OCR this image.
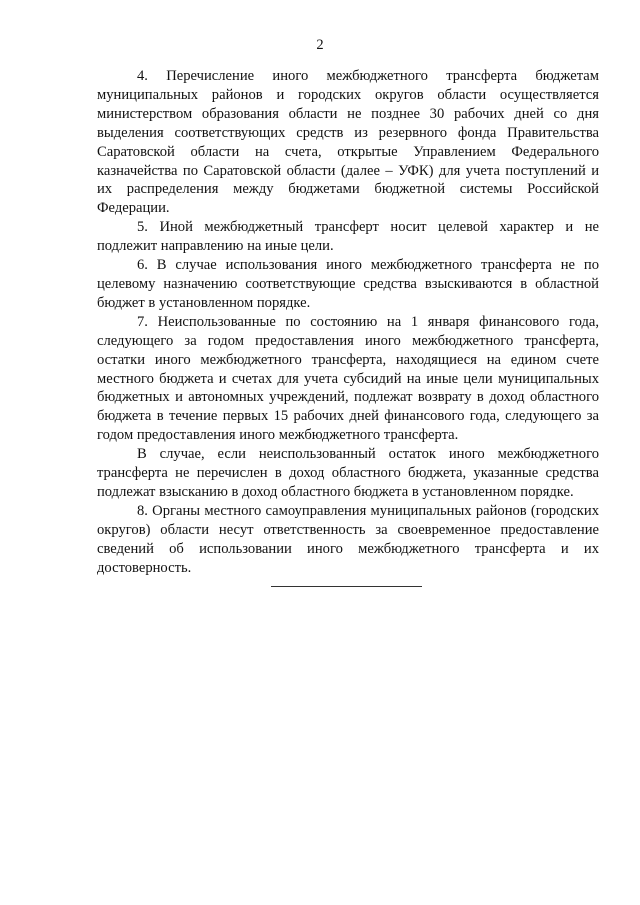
2

4. Перечисление иного межбюджетного трансферта бюджетам муниципальных районов и городских округов области осуществляется министерством образования области не позднее 30 рабочих дней со дня выделения соответствующих средств из резервного фонда Правительства Саратовской области на счета, открытые Управлением Федерального казначейства по Саратовской области (далее – УФК) для учета поступлений и их распределения между бюджетами бюджетной системы Российской Федерации.

5. Иной межбюджетный трансферт носит целевой характер и не подлежит направлению на иные цели.

6. В случае использования иного межбюджетного трансферта не по целевому назначению соответствующие средства взыскиваются в областной бюджет в установленном порядке.

7. Неиспользованные по состоянию на 1 января финансового года, следующего за годом предоставления иного межбюджетного трансферта, остатки иного межбюджетного трансферта, находящиеся на едином счете местного бюджета и счетах для учета субсидий на иные цели муниципальных бюджетных и автономных учреждений, подлежат возврату в доход областного бюджета в течение первых 15 рабочих дней финансового года, следующего за годом предоставления иного межбюджетного трансферта.

В случае, если неиспользованный остаток иного межбюджетного трансферта не перечислен в доход областного бюджета, указанные средства подлежат взысканию в доход областного бюджета в установленном порядке.

8. Органы местного самоуправления муниципальных районов (городских округов) области несут ответственность за своевременное предоставление сведений об использовании иного межбюджетного трансферта и их достоверность.
